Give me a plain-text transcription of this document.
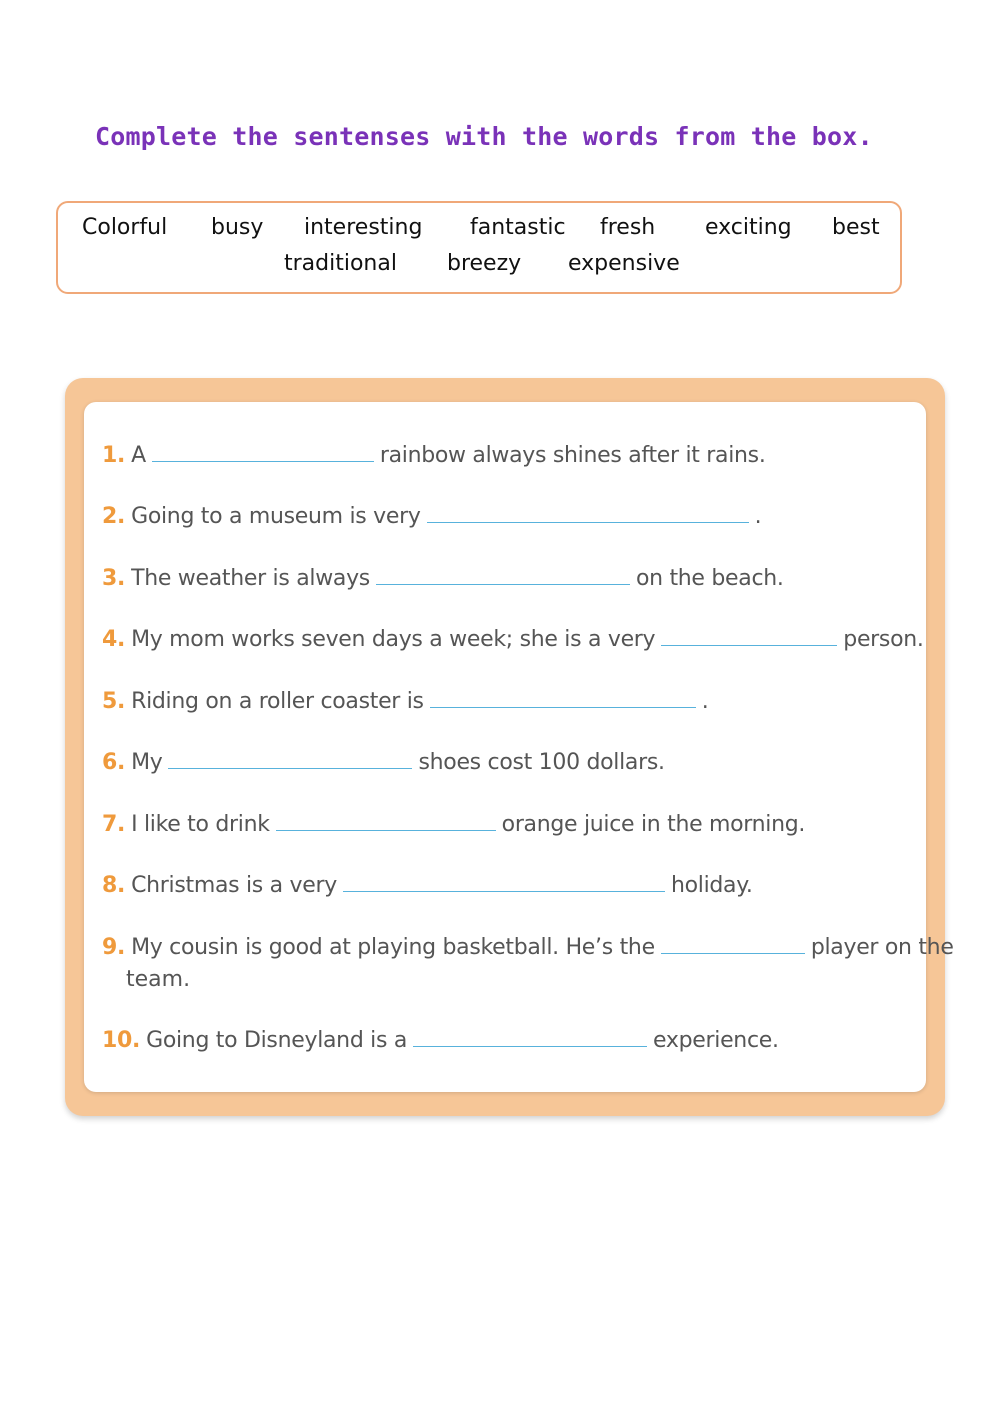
Complete the sentenses with the words from the box.
Colorful busy interesting fantastic fresh exciting best
traditional breezy expensive
1. A	rainbow always shines after it rains.
2. Going to a museum is very	.
3. The weather is always	on the beach.
4. My mom works seven days a week; she is a very	person.
5. Riding on a roller coaster is	.
6. My	shoes cost 100 dollars.
7. I like to drink	orange juice in the morning.
8. Christmas is a very	holiday.
9. My cousin is good at playing basketball. He’s the	player on the
team.
10. Going to Disneyland is a	experience.
